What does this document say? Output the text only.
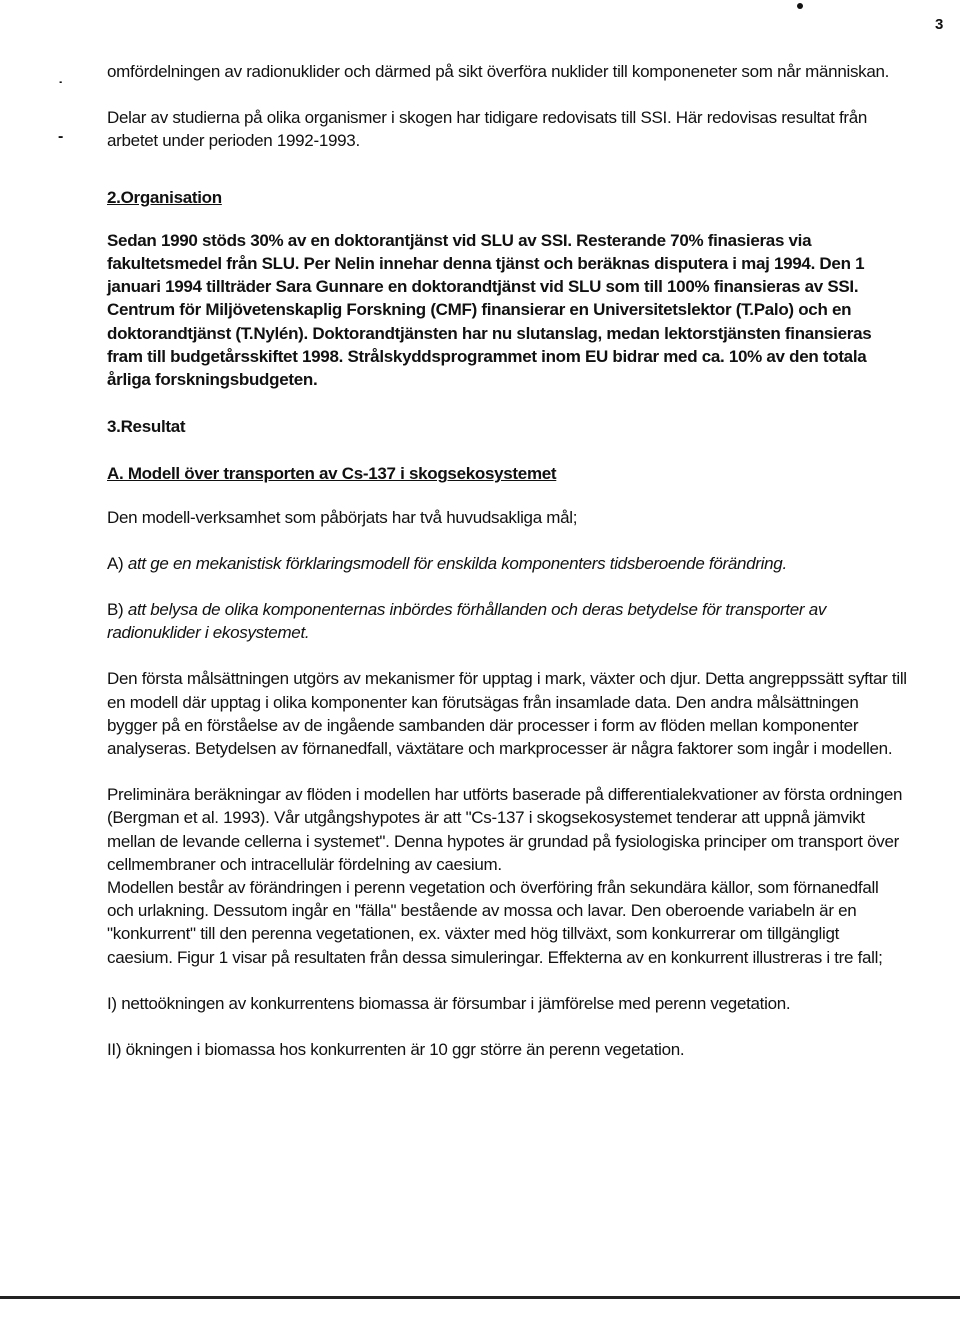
3
˙
-

omfördelningen av radionuklider och därmed på sikt överföra nuklider till komponeneter som når människan.

Delar av studierna på olika organismer i skogen har tidigare redovisats till SSI. Här redovisas resultat från arbetet under perioden 1992-1993.

2.Organisation

Sedan 1990 stöds 30% av en doktorantjänst vid SLU av SSI. Resterande 70% finasieras via fakultetsmedel från SLU. Per Nelin innehar denna tjänst och beräknas disputera i maj 1994. Den 1 januari 1994 tillträder Sara Gunnare en doktorandtjänst vid SLU som till 100% finansieras av SSI. Centrum för Miljövetenskaplig Forskning (CMF) finansierar en Universitetslektor (T.Palo) och en doktorandtjänst (T.Nylén). Doktorandtjänsten har nu slutanslag, medan lektorstjänsten finansieras fram till budgetårsskiftet 1998. Strålskyddsprogrammet inom EU bidrar med ca. 10% av den totala årliga forskningsbudgeten.

3.Resultat

A. Modell över transporten av Cs-137 i skogsekosystemet

Den modell-verksamhet som påbörjats har två huvudsakliga mål;

A) att ge en mekanistisk förklaringsmodell för enskilda komponenters tidsberoende förändring.

B) att belysa de olika komponenternas inbördes förhållanden och deras betydelse för transporter av radionuklider i ekosystemet.

Den första målsättningen utgörs av mekanismer för upptag i mark, växter och djur. Detta angreppssätt syftar till en modell där upptag i olika komponenter kan förutsägas från insamlade data. Den andra målsättningen bygger på en förståelse av de ingående sambanden där processer i form av flöden mellan komponenter analyseras. Betydelsen av förnanedfall, växtätare och markprocesser är några faktorer som ingår i modellen.

Preliminära beräkningar av flöden i modellen har utförts baserade på differentialekvationer av första ordningen (Bergman et al. 1993). Vår utgångshypotes är att "Cs-137 i skogsekosystemet tenderar att uppnå jämvikt mellan de levande cellerna i systemet". Denna hypotes är grundad på fysiologiska principer om transport över cellmembraner och intracellulär fördelning av caesium.

Modellen består av förändringen i perenn vegetation och överföring från sekundära källor, som förnanedfall och urlakning. Dessutom ingår en "fälla" bestående av mossa och lavar. Den oberoende variabeln är en "konkurrent" till den perenna vegetationen, ex. växter med hög tillväxt, som konkurrerar om tillgängligt caesium. Figur 1 visar på resultaten från dessa simuleringar. Effekterna av en konkurrent illustreras i tre fall;

I) nettoökningen av konkurrentens biomassa är försumbar i jämförelse med perenn vegetation.

II) ökningen i biomassa hos konkurrenten är 10 ggr större än perenn vegetation.
